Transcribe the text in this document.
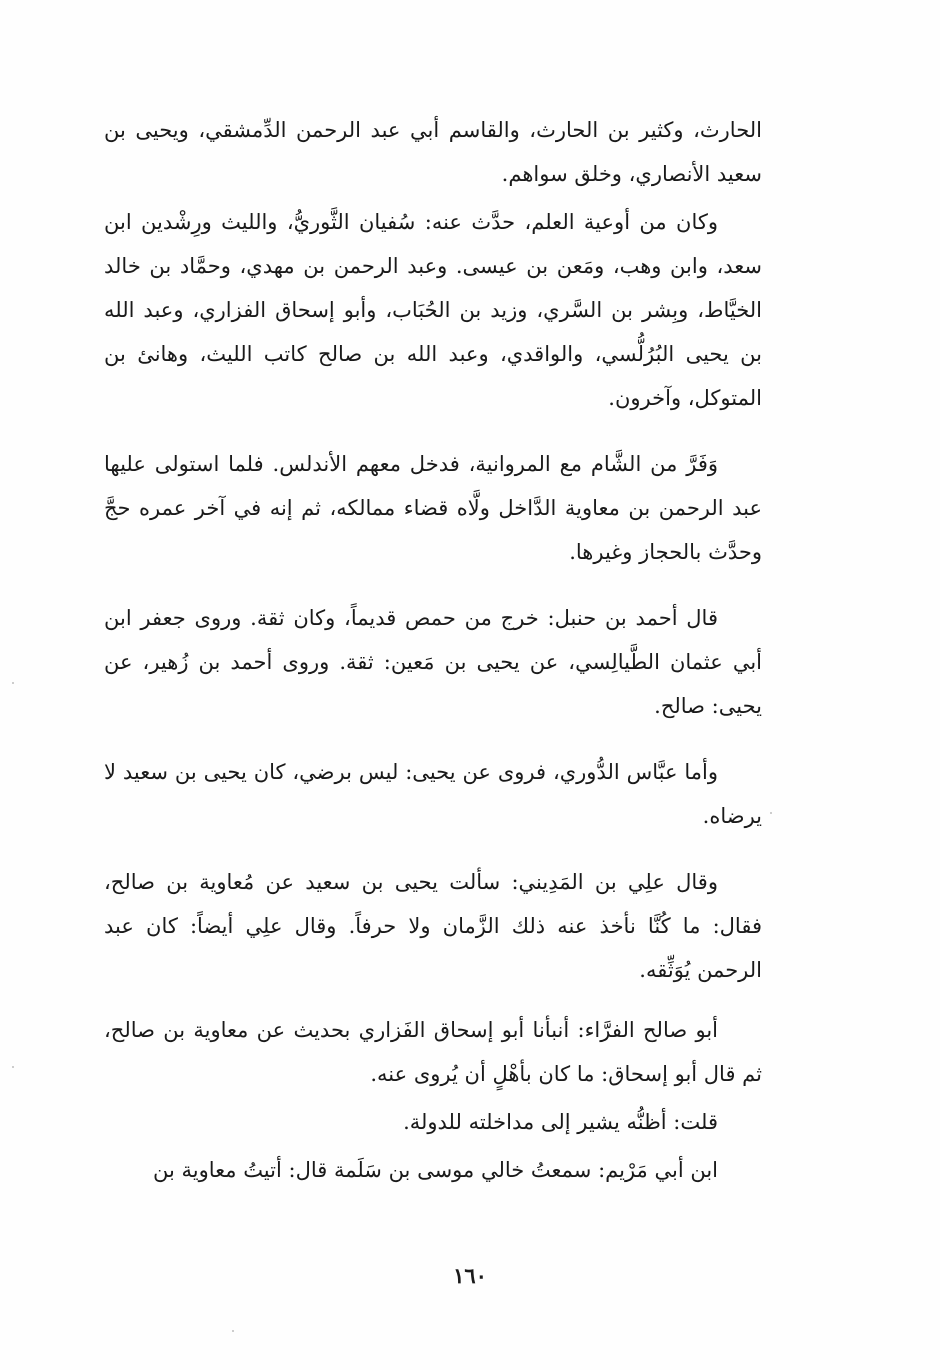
الحارث، وكثير بن الحارث، والقاسم أبي عبد الرحمن الدِّمشقي، ويحيى بن سعيد الأنصاري، وخلق سواهم.

وكان من أوعية العلم، حدَّث عنه: سُفيان الثَّوريُّ، والليث ورِشْدين ابن سعد، وابن وهب، ومَعن بن عيسى. وعبد الرحمن بن مهدي، وحمَّاد بن خالد الخيَّاط، وبِشر بن السَّري، وزيد بن الحُبَاب، وأبو إسحاق الفزاري، وعبد الله بن يحيى البُرُلُّسي، والواقدي، وعبد الله بن صالح كاتب الليث، وهانئ بن المتوكل، وآخرون.

وَفَرَّ من الشَّام مع المروانية، فدخل معهم الأندلس. فلما استولى عليها عبد الرحمن بن معاوية الدَّاخل ولَّاه قضاء ممالكه، ثم إنه في آخر عمره حجَّ وحدَّث بالحجاز وغيرها.

قال أحمد بن حنبل: خرج من حمص قديماً، وكان ثقة. وروى جعفر ابن أبي عثمان الطَّيالِسي، عن يحيى بن مَعين: ثقة. وروى أحمد بن زُهير، عن يحيى: صالح.

وأما عبَّاس الدُّوري، فروى عن يحيى: ليس برضي، كان يحيى بن سعيد لا يرضاه.

وقال علِي بن المَدِيني: سألت يحيى بن سعيد عن مُعاوية بن صالح، فقال: ما كُنَّا نأخذ عنه ذلك الزَّمان ولا حرفاً. وقال علِي أيضاً: كان عبد الرحمن يُوَثِّقه.

أبو صالح الفرَّاء: أنبأنا أبو إسحاق الفَزاري بحديث عن معاوية بن صالح، ثم قال أبو إسحاق: ما كان بأهْلٍ أن يُروى عنه.

قلت: أظنُّه يشير إلى مداخلته للدولة.

ابن أبي مَرْيم: سمعتُ خالي موسى بن سَلَمة قال: أتيتُ معاوية بن

١٦٠
